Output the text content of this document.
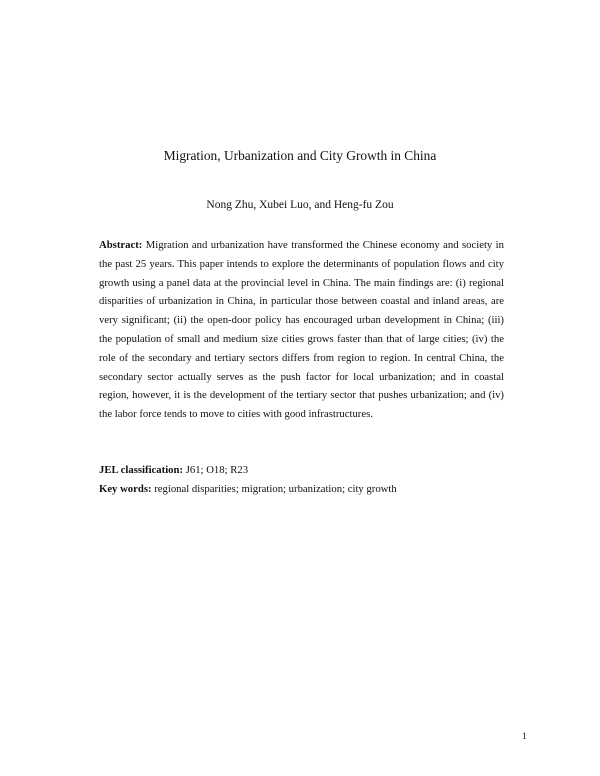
Migration, Urbanization and City Growth in China
Nong Zhu, Xubei Luo, and Heng-fu Zou

Abstract: Migration and urbanization have transformed the Chinese economy and society in the past 25 years. This paper intends to explore the determinants of population flows and city growth using a panel data at the provincial level in China. The main findings are: (i) regional disparities of urbanization in China, in particular those between coastal and inland areas, are very significant; (ii) the open-door policy has encouraged urban development in China; (iii) the population of small and medium size cities grows faster than that of large cities; (iv) the role of the secondary and tertiary sectors differs from region to region. In central China, the secondary sector actually serves as the push factor for local urbanization; and in coastal region, however, it is the development of the tertiary sector that pushes urbanization; and (iv) the labor force tends to move to cities with good infrastructures.

JEL classification: J61; O18; R23

Key words: regional disparities; migration; urbanization; city growth

1
